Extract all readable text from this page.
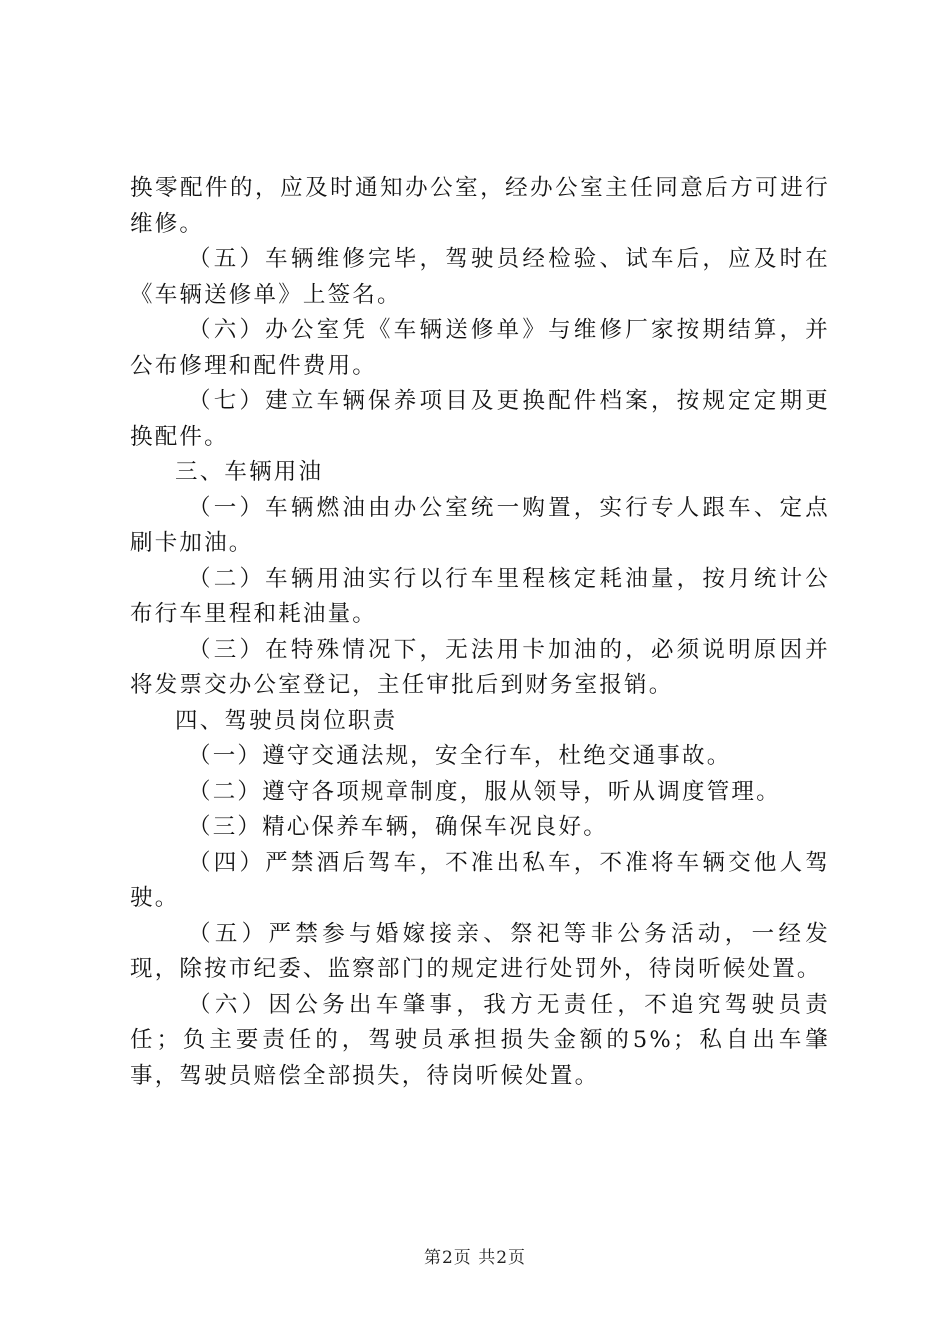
换零配件的，应及时通知办公室，经办公室主任同意后方可进行维修。

（五）车辆维修完毕，驾驶员经检验、试车后，应及时在《车辆送修单》上签名。

（六）办公室凭《车辆送修单》与维修厂家按期结算，并公布修理和配件费用。

（七）建立车辆保养项目及更换配件档案，按规定定期更换配件。

三、车辆用油

（一）车辆燃油由办公室统一购置，实行专人跟车、定点刷卡加油。

（二）车辆用油实行以行车里程核定耗油量，按月统计公布行车里程和耗油量。

（三）在特殊情况下，无法用卡加油的，必须说明原因并将发票交办公室登记，主任审批后到财务室报销。

四、驾驶员岗位职责

（一）遵守交通法规，安全行车，杜绝交通事故。

（二）遵守各项规章制度，服从领导，听从调度管理。

（三）精心保养车辆，确保车况良好。

（四）严禁酒后驾车，不准出私车，不准将车辆交他人驾驶。

（五）严禁参与婚嫁接亲、祭祀等非公务活动，一经发现，除按市纪委、监察部门的规定进行处罚外，待岗听候处置。

（六）因公务出车肇事，我方无责任，不追究驾驶员责任；负主要责任的，驾驶员承担损失金额的5%；私自出车肇事，驾驶员赔偿全部损失，待岗听候处置。

第2页 共2页
